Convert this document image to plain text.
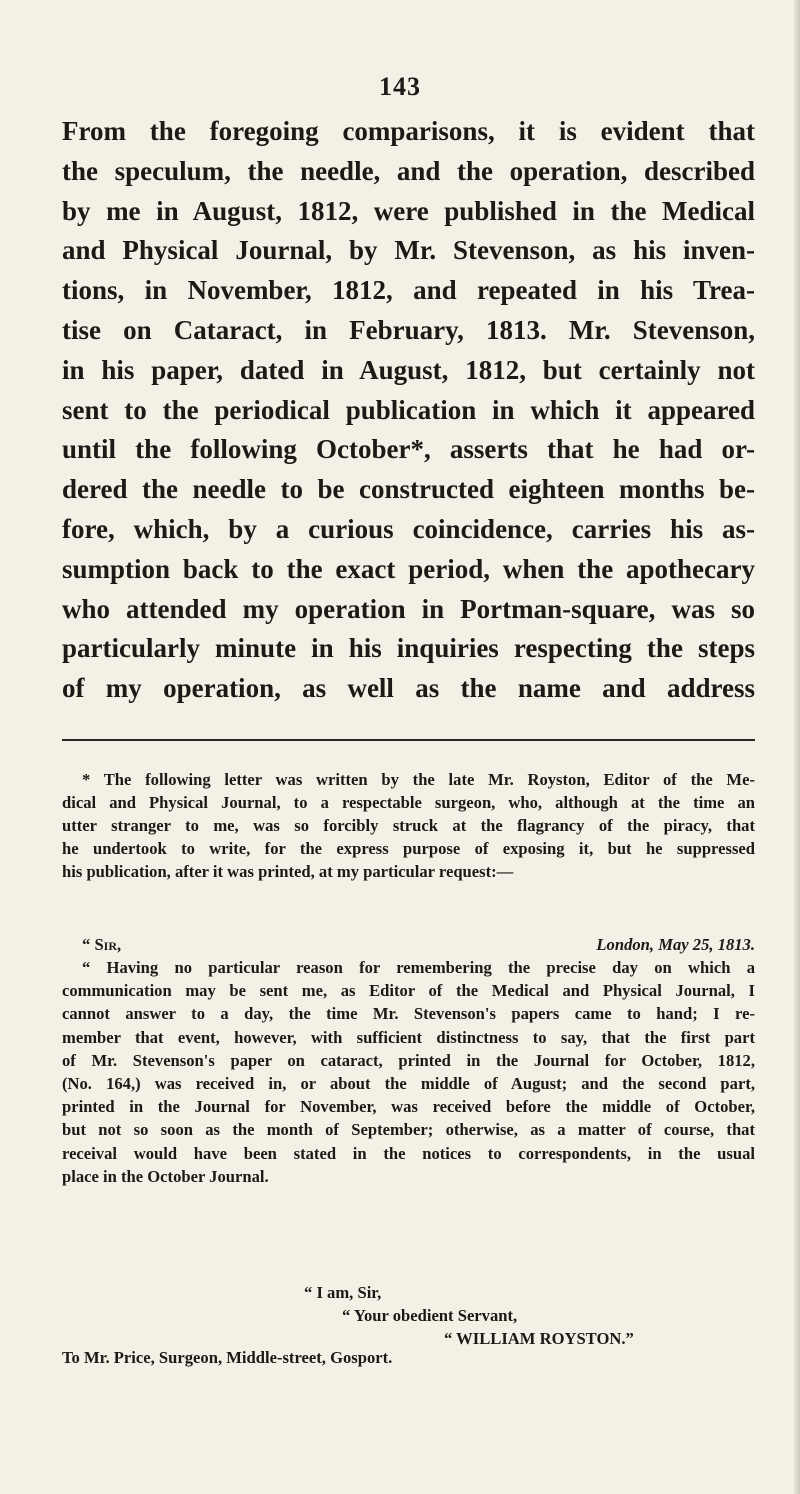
143
From the foregoing comparisons, it is evident that
the speculum, the needle, and the operation, described
by me in August, 1812, were published in the Medical
and Physical Journal, by Mr. Stevenson, as his inven-
tions, in November, 1812, and repeated in his Trea-
tise on Cataract, in February, 1813. Mr. Stevenson,
in his paper, dated in August, 1812, but certainly not
sent to the periodical publication in which it appeared
until the following October*, asserts that he had or-
dered the needle to be constructed eighteen months be-
fore, which, by a curious coincidence, carries his as-
sumption back to the exact period, when the apothecary
who attended my operation in Portman-square, was so
particularly minute in his inquiries respecting the steps
of my operation, as well as the name and address
* The following letter was written by the late Mr. Royston, Editor of the Me-
dical and Physical Journal, to a respectable surgeon, who, although at the time an
utter stranger to me, was so forcibly struck at the flagrancy of the piracy, that
he undertook to write, for the express purpose of exposing it, but he suppressed
his publication, after it was printed, at my particular request:—
“ Sir,	London, May 25, 1813.
“ Having no particular reason for remembering the precise day on which a
communication may be sent me, as Editor of the Medical and Physical Journal, I
cannot answer to a day, the time Mr. Stevenson's papers came to hand; I re-
member that event, however, with sufficient distinctness to say, that the first part
of Mr. Stevenson's paper on cataract, printed in the Journal for October, 1812,
(No. 164,) was received in, or about the middle of August; and the second part,
printed in the Journal for November, was received before the middle of October,
but not so soon as the month of September; otherwise, as a matter of course, that
receival would have been stated in the notices to correspondents, in the usual
place in the October Journal.
“ I am, Sir,
“ Your obedient Servant,
“ WILLIAM ROYSTON.”
To Mr. Price, Surgeon, Middle-street, Gosport.
